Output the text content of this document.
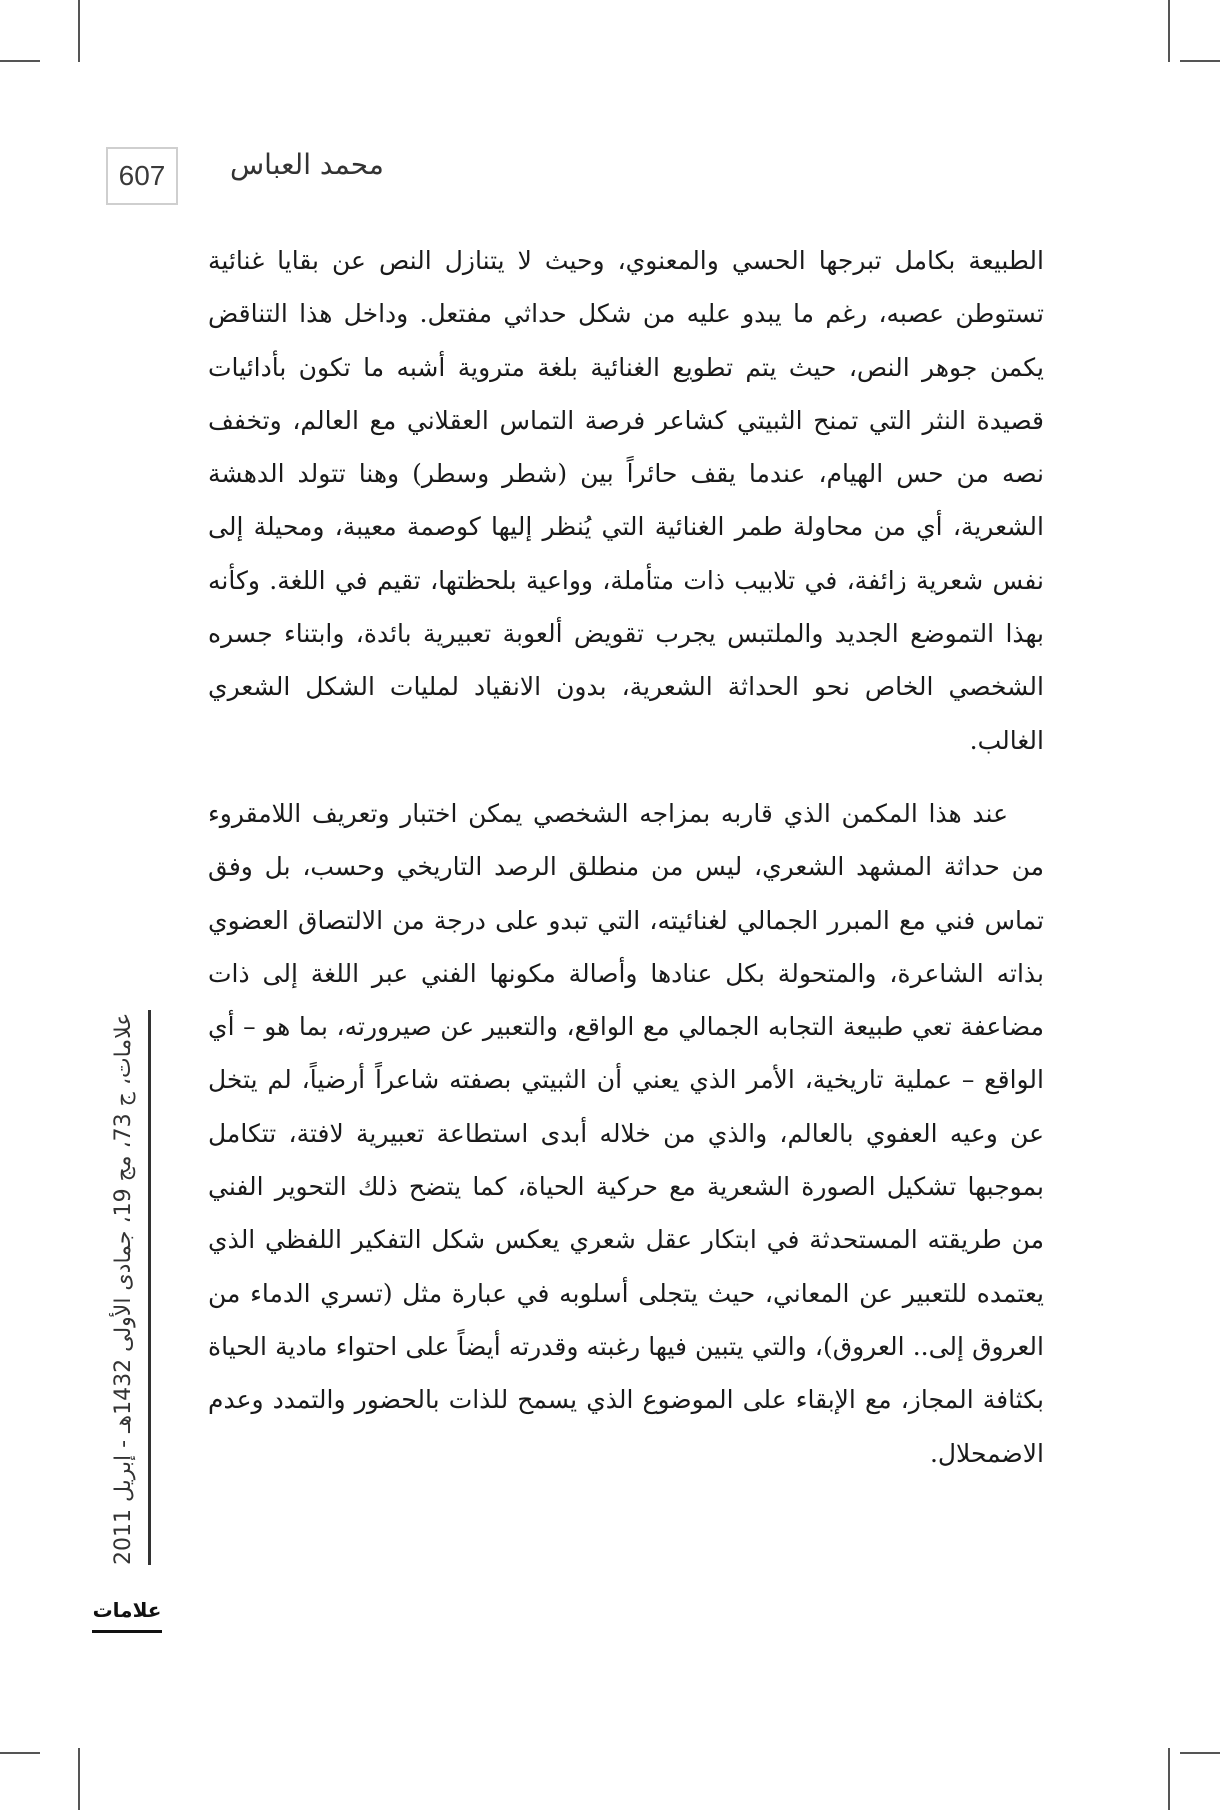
607	محمد العباس

الطبيعة بكامل تبرجها الحسي والمعنوي، وحيث لا يتنازل النص عن بقايا غنائية تستوطن عصبه، رغم ما يبدو عليه من شكل حداثي مفتعل. وداخل هذا التناقض يكمن جوهر النص، حيث يتم تطويع الغنائية بلغة متروية أشبه ما تكون بأدائيات قصيدة النثر التي تمنح الثبيتي كشاعر فرصة التماس العقلاني مع العالم، وتخفف نصه من حس الهيام، عندما يقف حائراً بين (شطر وسطر) وهنا تتولد الدهشة الشعرية، أي من محاولة طمر الغنائية التي يُنظر إليها كوصمة معيبة، ومحيلة إلى نفس شعرية زائفة، في تلابيب ذات متأملة، وواعية بلحظتها، تقيم في اللغة. وكأنه بهذا التموضع الجديد والملتبس يجرب تقويض ألعوبة تعبيرية بائدة، وابتناء جسره الشخصي الخاص نحو الحداثة الشعرية، بدون الانقياد لمليات الشكل الشعري الغالب.

عند هذا المكمن الذي قاربه بمزاجه الشخصي يمكن اختبار وتعريف اللامقروء من حداثة المشهد الشعري، ليس من منطلق الرصد التاريخي وحسب، بل وفق تماس فني مع المبرر الجمالي لغنائيته، التي تبدو على درجة من الالتصاق العضوي بذاته الشاعرة، والمتحولة بكل عنادها وأصالة مكونها الفني عبر اللغة إلى ذات مضاعفة تعي طبيعة التجابه الجمالي مع الواقع، والتعبير عن صيرورته، بما هو – أي الواقع – عملية تاريخية، الأمر الذي يعني أن الثبيتي بصفته شاعراً أرضياً، لم يتخل عن وعيه العفوي بالعالم، والذي من خلاله أبدى استطاعة تعبيرية لافتة، تتكامل بموجبها تشكيل الصورة الشعرية مع حركية الحياة، كما يتضح ذلك التحوير الفني من طريقته المستحدثة في ابتكار عقل شعري يعكس شكل التفكير اللفظي الذي يعتمده للتعبير عن المعاني، حيث يتجلى أسلوبه في عبارة مثل (تسري الدماء من العروق إلى.. العروق)، والتي يتبين فيها رغبته وقدرته أيضاً على احتواء مادية الحياة بكثافة المجاز، مع الإبقاء على الموضوع الذي يسمح للذات بالحضور والتمدد وعدم الاضمحلال.

علامات، ج 73، مج 19، جمادى الأولى 1432هـ - إبريل 2011
علامات
